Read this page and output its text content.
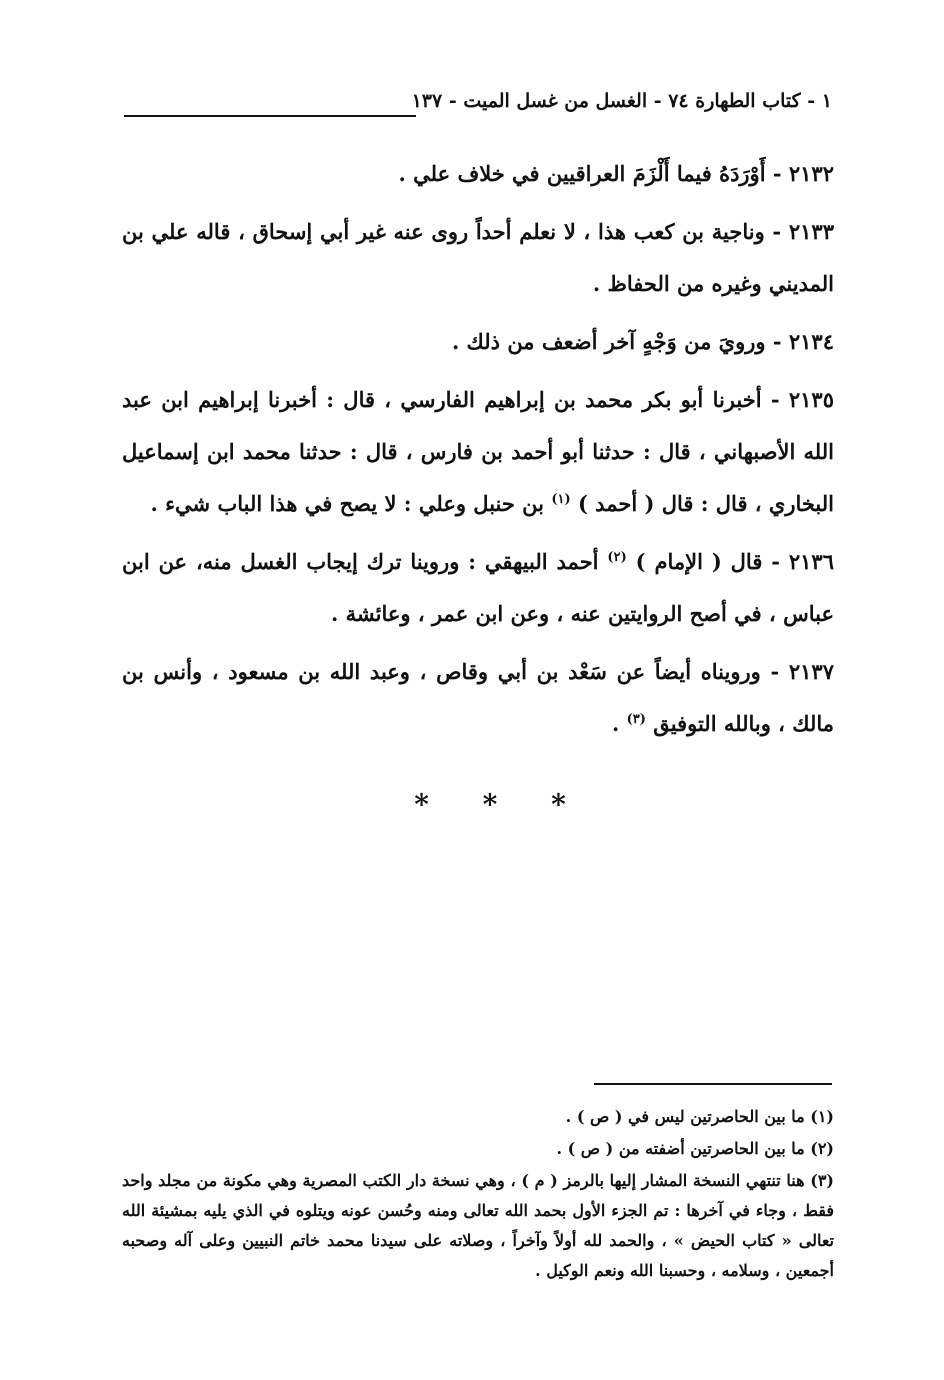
١ - كتاب الطهارة ٧٤ - الغسل من غسل الميت - ١٣٧

٢١٣٢ - أَوْرَدَهُ فيما أَلْزَمَ العراقيين في خلاف علي .

٢١٣٣ - وناجية بن كعب هذا ، لا نعلم أحداً روى عنه غير أبي إسحاق ، قاله علي بن المديني وغيره من الحفاظ .

٢١٣٤ - ورويَ من وَجْهٍ آخر أضعف من ذلك .

٢١٣٥ - أخبرنا أبو بكر محمد بن إبراهيم الفارسي ، قال : أخبرنا إبراهيم ابن عبد الله الأصبهاني ، قال : حدثنا أبو أحمد بن فارس ، قال : حدثنا محمد ابن إسماعيل البخاري ، قال : قال ( أحمد ) $^{(١)}$ بن حنبل وعلي : لا يصح في هذا الباب شيء .

٢١٣٦ - قال ( الإمام ) $^{(٢)}$ أحمد البيهقي : وروينا ترك إيجاب الغسل منه، عن ابن عباس ، في أصح الروايتين عنه ، وعن ابن عمر ، وعائشة .

٢١٣٧ - ورويناه أيضاً عن سَعْد بن أبي وقاص ، وعبد الله بن مسعود ، وأنس بن مالك ، وبالله التوفيق $^{(٣)}$ .

* * *

(١) ما بين الحاصرتين ليس في ( ص ) .

(٢) ما بين الحاصرتين أضفته من ( ص ) .

(٣) هنا تنتهي النسخة المشار إليها بالرمز ( م ) ، وهي نسخة دار الكتب المصرية وهي مكونة من مجلد واحد فقط ، وجاء في آخرها : تم الجزء الأول بحمد الله تعالى ومنه وحُسن عونه ويتلوه في الذي يليه بمشيئة الله تعالى « كتاب الحيض » ، والحمد لله أولاً وآخراً ، وصلاته على سيدنا محمد خاتم النبيين وعلى آله وصحبه أجمعين ، وسلامه ، وحسبنا الله ونعم الوكيل .
